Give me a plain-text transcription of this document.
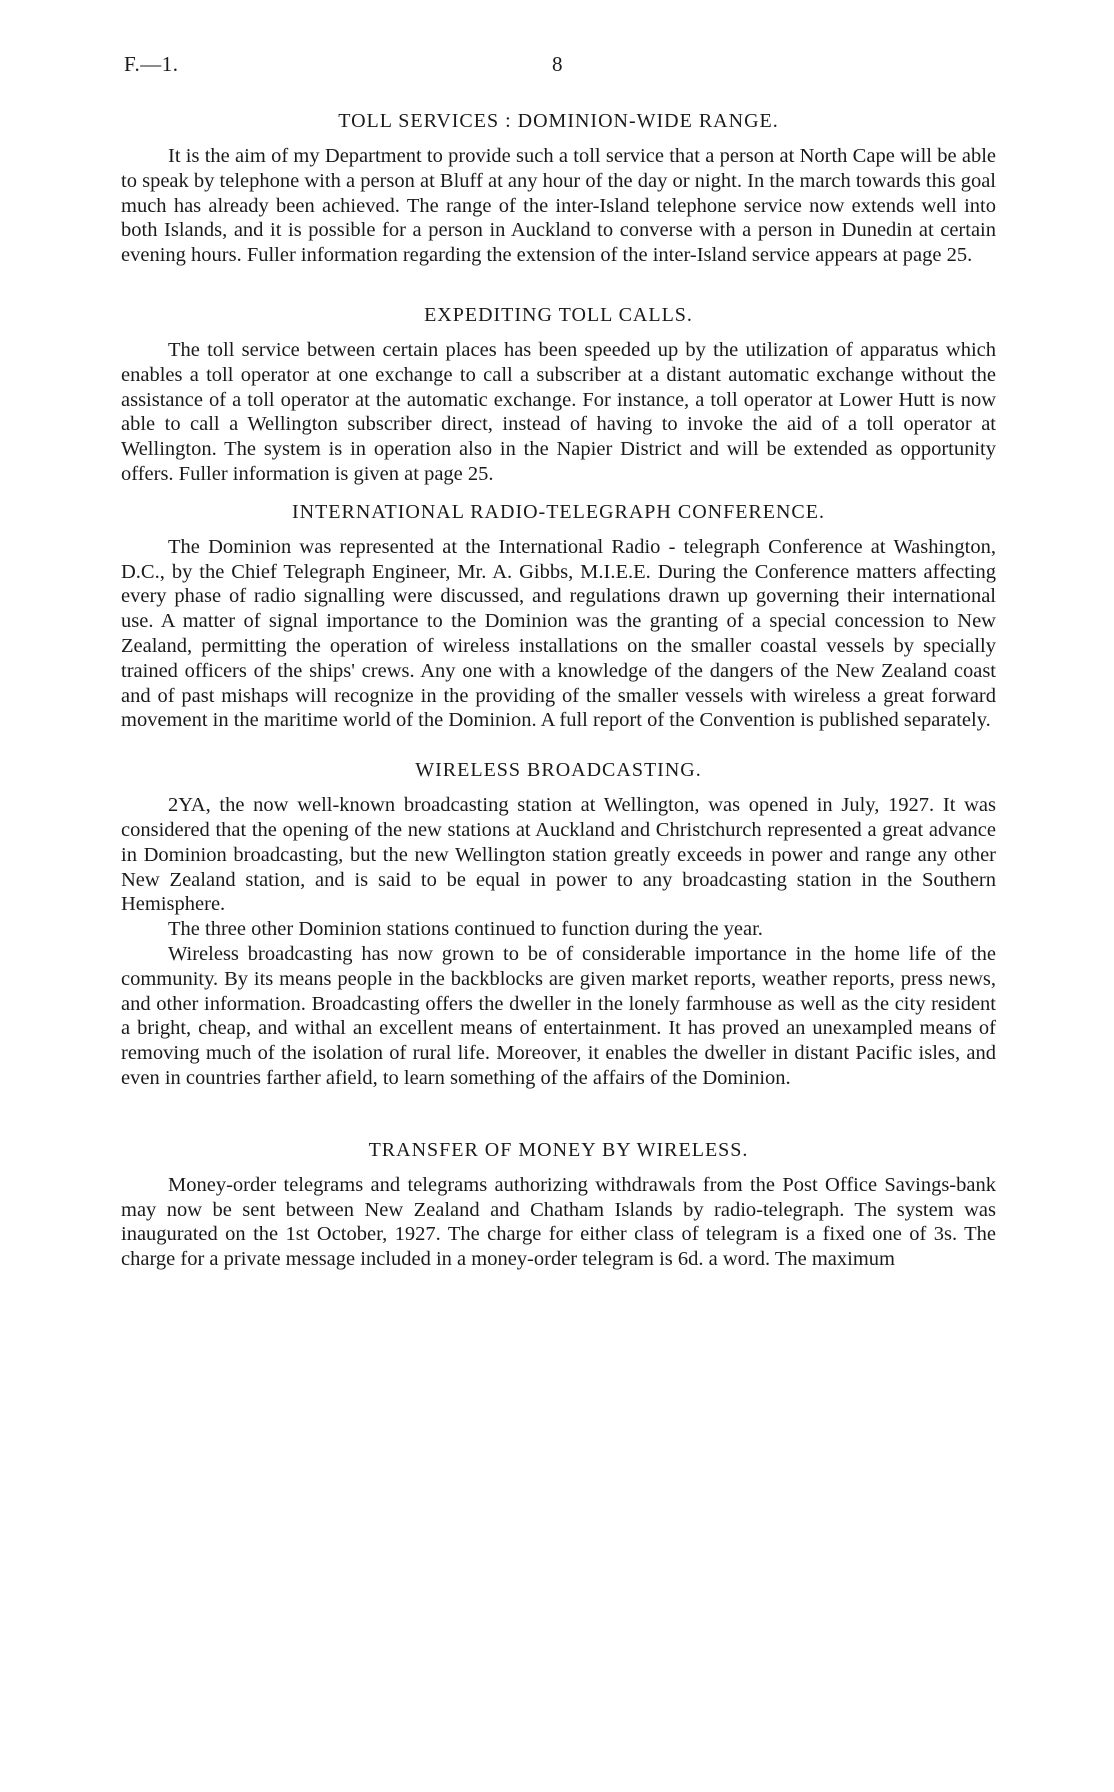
F.—1.	8
TOLL SERVICES : DOMINION-WIDE RANGE.

It is the aim of my Department to provide such a toll service that a person at North Cape will be able to speak by telephone with a person at Bluff at any hour of the day or night. In the march towards this goal much has already been achieved. The range of the inter-Island telephone service now extends well into both Islands, and it is possible for a person in Auckland to converse with a person in Dunedin at certain evening hours. Fuller information regarding the extension of the inter-Island service appears at page 25.

EXPEDITING TOLL CALLS.

The toll service between certain places has been speeded up by the utilization of apparatus which enables a toll operator at one exchange to call a subscriber at a distant automatic exchange without the assistance of a toll operator at the automatic exchange. For instance, a toll operator at Lower Hutt is now able to call a Wellington subscriber direct, instead of having to invoke the aid of a toll operator at Wellington. The system is in operation also in the Napier District and will be extended as opportunity offers. Fuller information is given at page 25.

INTERNATIONAL RADIO-TELEGRAPH CONFERENCE.

The Dominion was represented at the International Radio - telegraph Conference at Washington, D.C., by the Chief Telegraph Engineer, Mr. A. Gibbs, M.I.E.E. During the Conference matters affecting every phase of radio signalling were discussed, and regulations drawn up governing their international use. A matter of signal importance to the Dominion was the granting of a special concession to New Zealand, permitting the operation of wireless installations on the smaller coastal vessels by specially trained officers of the ships' crews. Any one with a knowledge of the dangers of the New Zealand coast and of past mishaps will recognize in the providing of the smaller vessels with wireless a great forward movement in the maritime world of the Dominion. A full report of the Convention is published separately.

WIRELESS BROADCASTING.

2YA, the now well-known broadcasting station at Wellington, was opened in July, 1927. It was considered that the opening of the new stations at Auckland and Christchurch represented a great advance in Dominion broadcasting, but the new Wellington station greatly exceeds in power and range any other New Zealand station, and is said to be equal in power to any broadcasting station in the Southern Hemisphere.

The three other Dominion stations continued to function during the year.

Wireless broadcasting has now grown to be of considerable importance in the home life of the community. By its means people in the backblocks are given market reports, weather reports, press news, and other information. Broadcasting offers the dweller in the lonely farmhouse as well as the city resident a bright, cheap, and withal an excellent means of entertainment. It has proved an unexampled means of removing much of the isolation of rural life. Moreover, it enables the dweller in distant Pacific isles, and even in countries farther afield, to learn something of the affairs of the Dominion.

TRANSFER OF MONEY BY WIRELESS.

Money-order telegrams and telegrams authorizing withdrawals from the Post Office Savings-bank may now be sent between New Zealand and Chatham Islands by radio-telegraph. The system was inaugurated on the 1st October, 1927. The charge for either class of telegram is a fixed one of 3s. The charge for a private message included in a money-order telegram is 6d. a word. The maximum
